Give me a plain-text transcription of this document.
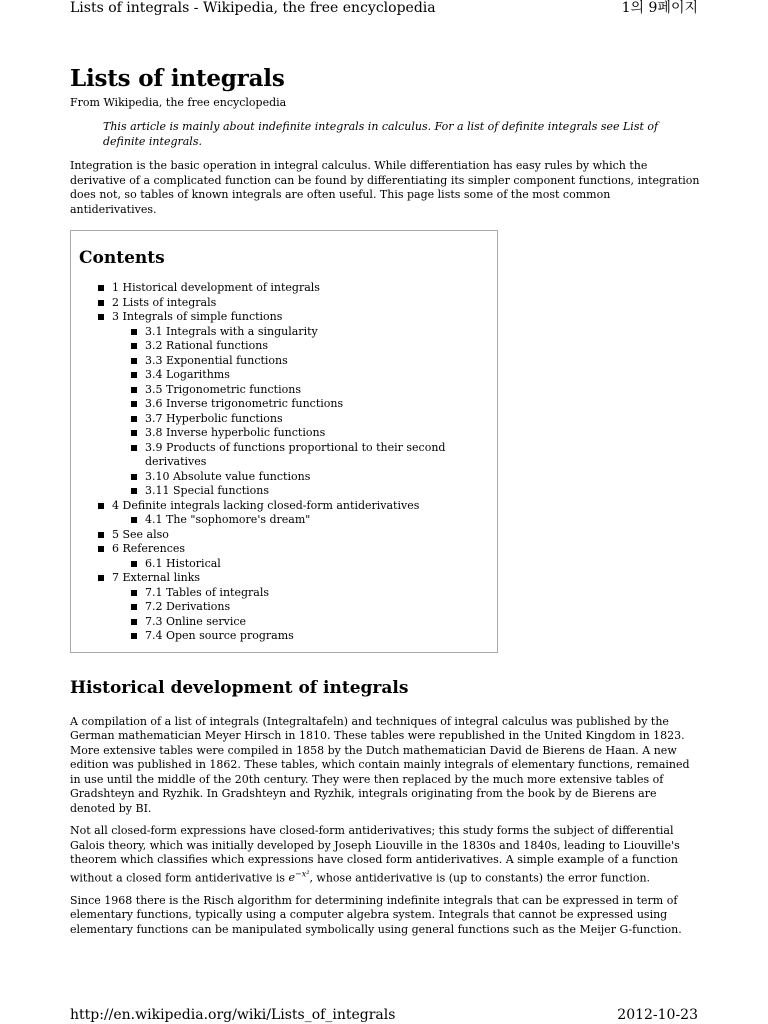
Lists of integrals - Wikipedia, the free encyclopedia	1의 9페이지
Lists of integrals
From Wikipedia, the free encyclopedia
This article is mainly about indefinite integrals in calculus. For a list of definite integrals see List of definite integrals.

Integration is the basic operation in integral calculus. While differentiation has easy rules by which the derivative of a complicated function can be found by differentiating its simpler component functions, integration does not, so tables of known integrals are often useful. This page lists some of the most common antiderivatives.

Contents
1 Historical development of integrals
2 Lists of integrals
3 Integrals of simple functions
3.1 Integrals with a singularity
3.2 Rational functions
3.3 Exponential functions
3.4 Logarithms
3.5 Trigonometric functions
3.6 Inverse trigonometric functions
3.7 Hyperbolic functions
3.8 Inverse hyperbolic functions
3.9 Products of functions proportional to their second derivatives
3.10 Absolute value functions
3.11 Special functions
4 Definite integrals lacking closed-form antiderivatives
4.1 The "sophomore's dream"
5 See also
6 References
6.1 Historical
7 External links
7.1 Tables of integrals
7.2 Derivations
7.3 Online service
7.4 Open source programs
Historical development of integrals

A compilation of a list of integrals (Integraltafeln) and techniques of integral calculus was published by the German mathematician Meyer Hirsch in 1810. These tables were republished in the United Kingdom in 1823. More extensive tables were compiled in 1858 by the Dutch mathematician David de Bierens de Haan. A new edition was published in 1862. These tables, which contain mainly integrals of elementary functions, remained in use until the middle of the 20th century. They were then replaced by the much more extensive tables of Gradshteyn and Ryzhik. In Gradshteyn and Ryzhik, integrals originating from the book by de Bierens are denoted by BI.

Not all closed-form expressions have closed-form antiderivatives; this study forms the subject of differential Galois theory, which was initially developed by Joseph Liouville in the 1830s and 1840s, leading to Liouville's theorem which classifies which expressions have closed form antiderivatives. A simple example of a function without a closed form antiderivative is $e^{-x^2}$, whose antiderivative is (up to constants) the error function.

Since 1968 there is the Risch algorithm for determining indefinite integrals that can be expressed in term of elementary functions, typically using a computer algebra system. Integrals that cannot be expressed using elementary functions can be manipulated symbolically using general functions such as the Meijer G-function.

http://en.wikipedia.org/wiki/Lists_of_integrals	2012-10-23
